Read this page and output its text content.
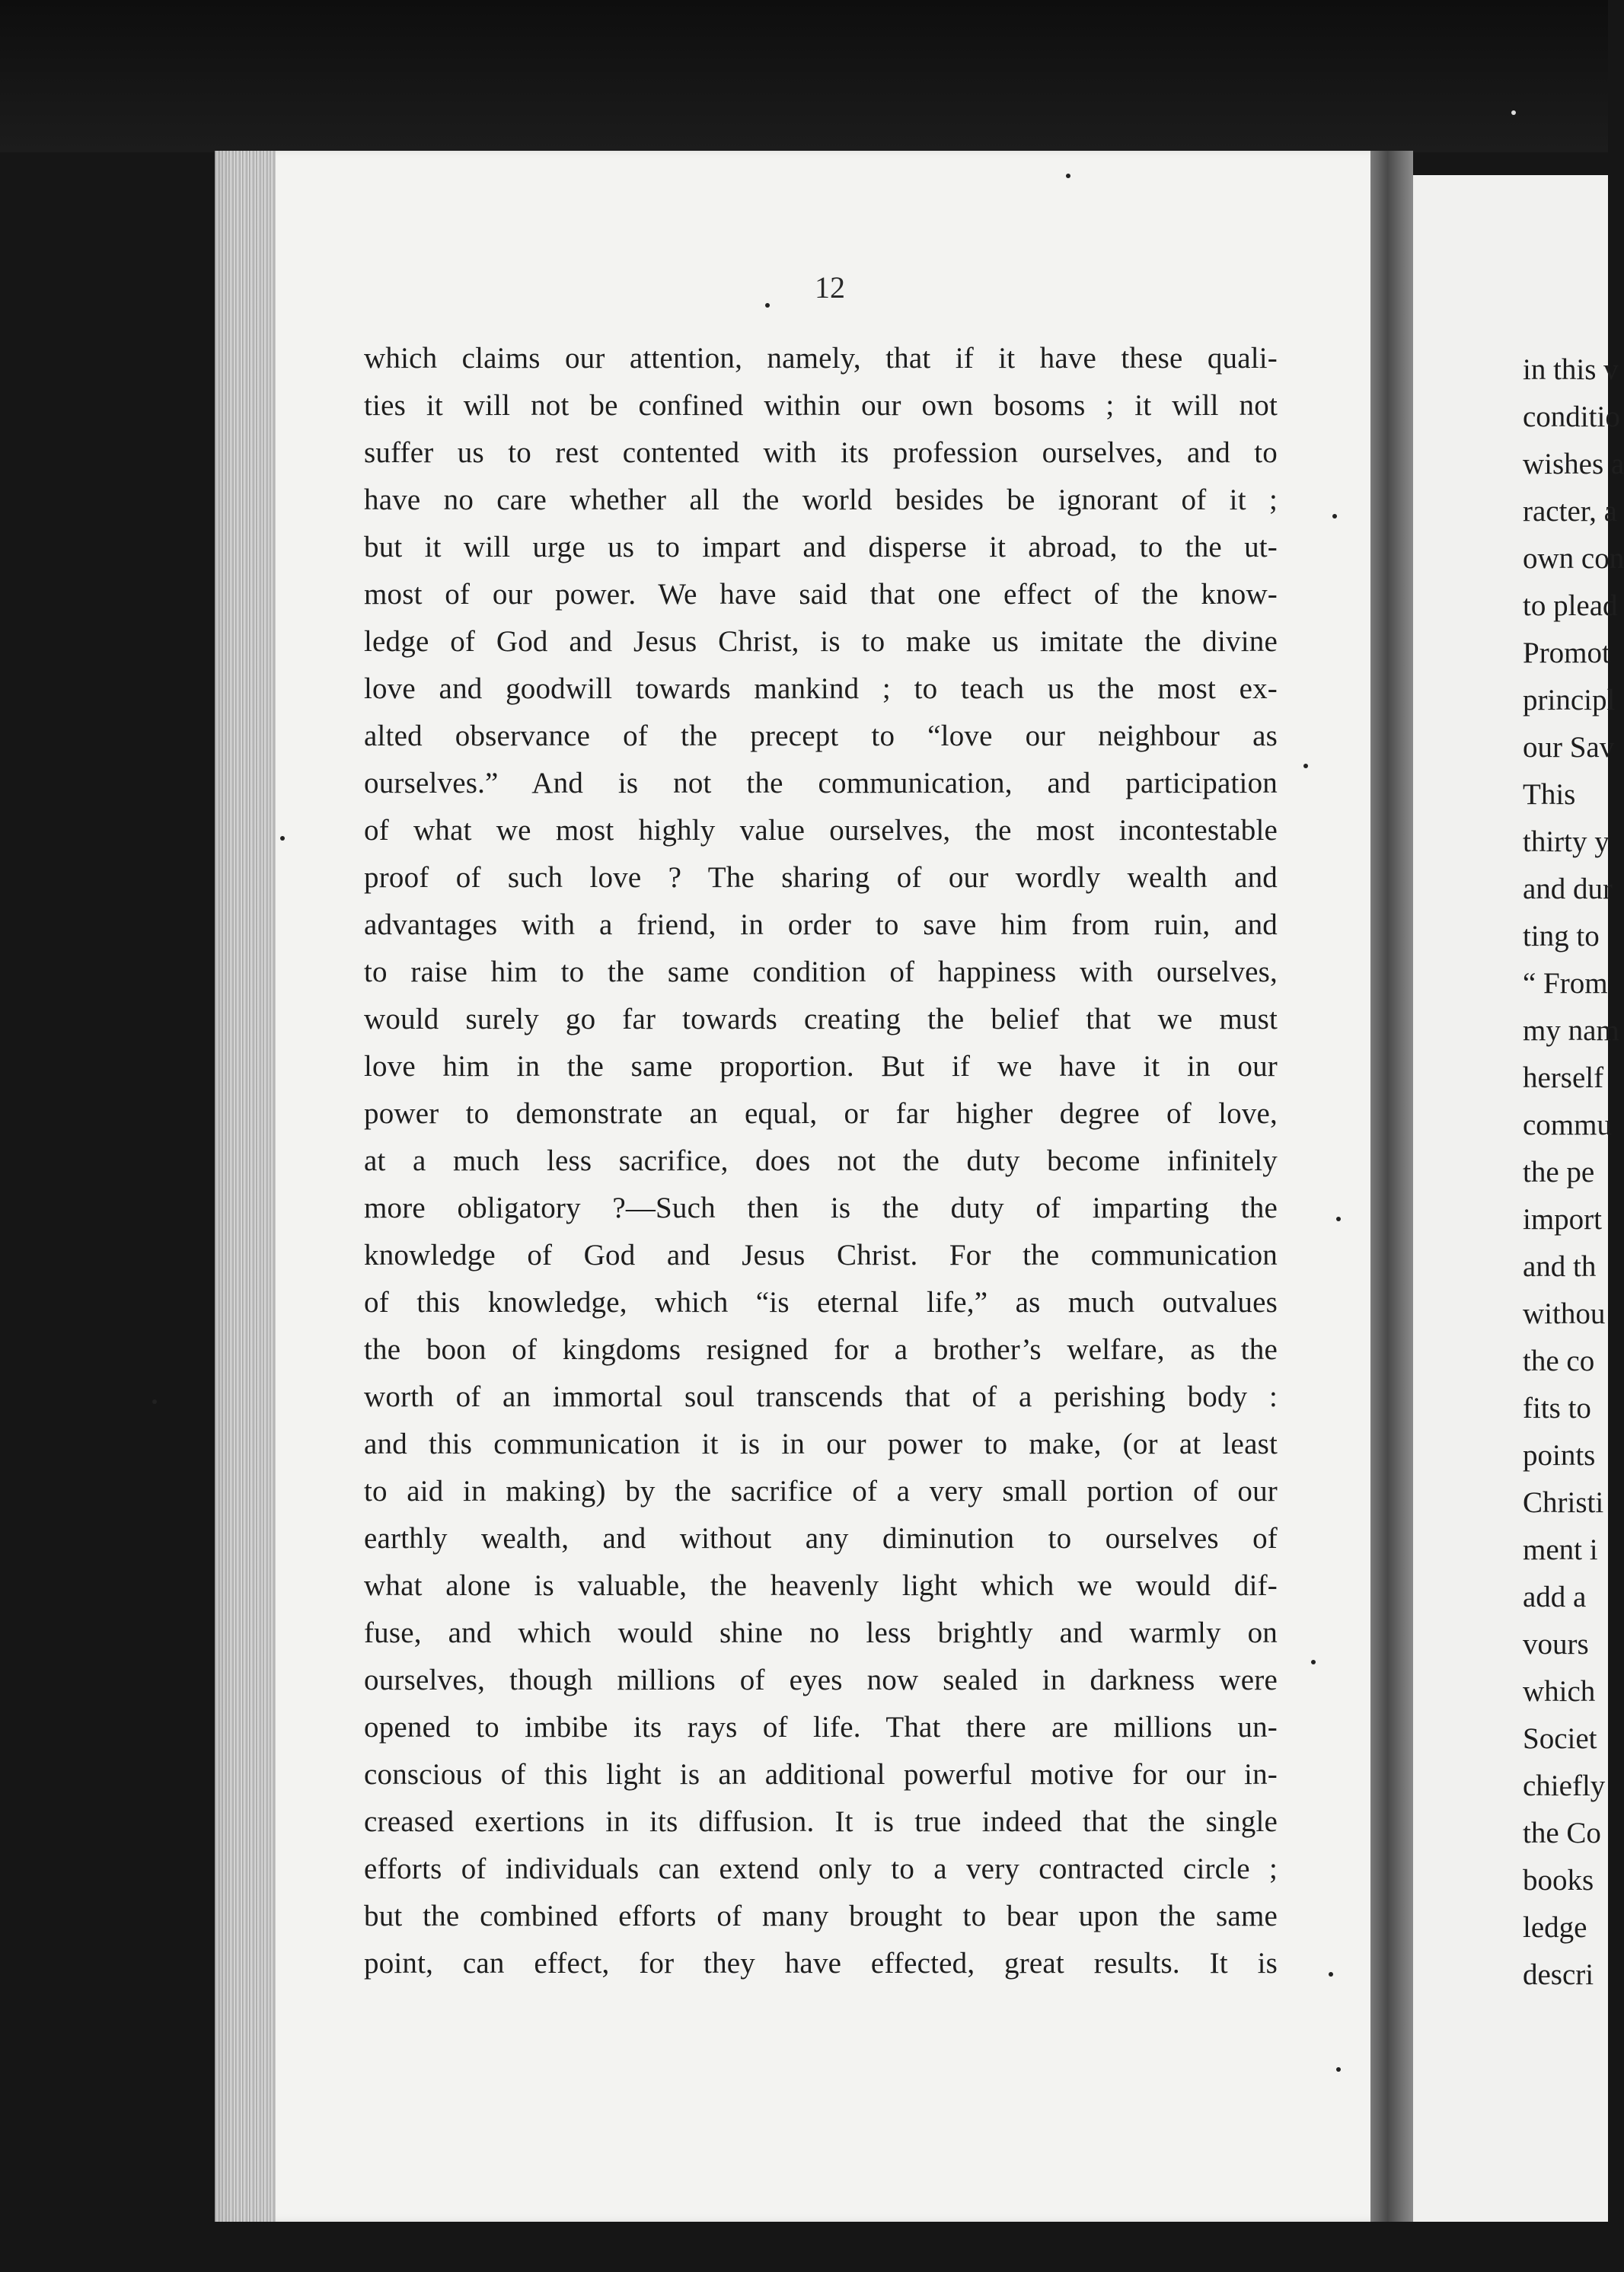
12
which claims our attention, namely, that if it have these quali-
ties it will not be confined within our own bosoms ; it will not
suffer us to rest contented with its profession ourselves, and to
have no care whether all the world besides be ignorant of it ;
but it will urge us to impart and disperse it abroad, to the ut-
most of our power. We have said that one effect of the know-
ledge of God and Jesus Christ, is to make us imitate the divine
love and goodwill towards mankind ; to teach us the most ex-
alted observance of the precept to “love our neighbour as
ourselves.” And is not the communication, and participation
of what we most highly value ourselves, the most incontestable
proof of such love ? The sharing of our wordly wealth and
advantages with a friend, in order to save him from ruin, and
to raise him to the same condition of happiness with ourselves,
would surely go far towards creating the belief that we must
love him in the same proportion. But if we have it in our
power to demonstrate an equal, or far higher degree of love,
at a much less sacrifice, does not the duty become infinitely
more obligatory ?—Such then is the duty of imparting the
knowledge of God and Jesus Christ. For the communication
of this knowledge, which “is eternal life,” as much outvalues
the boon of kingdoms resigned for a brother’s welfare, as the
worth of an immortal soul transcends that of a perishing body :
and this communication it is in our power to make, (or at least
to aid in making) by the sacrifice of a very small portion of our
earthly wealth, and without any diminution to ourselves of
what alone is valuable, the heavenly light which we would dif-
fuse, and which would shine no less brightly and warmly on
ourselves, though millions of eyes now sealed in darkness were
opened to imbibe its rays of life. That there are millions un-
conscious of this light is an additional powerful motive for our in-
creased exertions in its diffusion. It is true indeed that the single
efforts of individuals can extend only to a very contracted circle ;
but the combined efforts of many brought to bear upon the same
point, can effect, for they have effected, great results. It is
in this v
conditio
wishes a
racter, a
own con
to plead
Promot
principl
our Sav
This
thirty y
and dur
ting to
“ From
my nam
herself
commu
the pe
import
and th
withou
the co
fits to
points
Christi
ment i
add a
vours
which
Societ
chiefly
the Co
books
ledge
descri
